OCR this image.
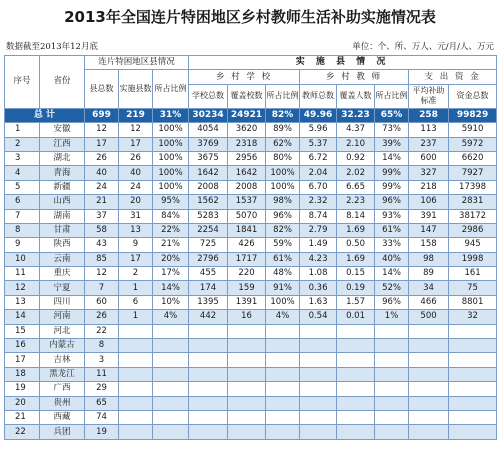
2013年全国连片特困地区乡村教师生活补助实施情况表
数据截至2013年12月底	单位：个、所、万人、元/月/人、万元
序号	省份	连片特困地区县情况			实 施 县 情 况							
		县总数	实施县数	所占比例	乡 村 学 校			乡 村 教 师			支 出 资 金	
					学校总数	覆盖校数	所占比例	教师总数	覆盖人数	所占比例	平均补助标准	资金总数
总 计		699	219	31%	30234	24921	82%	49.96	32.23	65%	258	99829
1	安徽	12	12	100%	4054	3620	89%	5.96	4.37	73%	113	5910
2	江西	17	17	100%	3769	2318	62%	5.37	2.10	39%	237	5972
3	湖北	26	26	100%	3675	2956	80%	6.72	0.92	14%	600	6620
4	青海	40	40	100%	1642	1642	100%	2.04	2.02	99%	327	7927
5	新疆	24	24	100%	2008	2008	100%	6.70	6.65	99%	218	17398
6	山西	21	20	95%	1562	1537	98%	2.32	2.23	96%	106	2831
7	湖南	37	31	84%	5283	5070	96%	8.74	8.14	93%	391	38172
8	甘肃	58	13	22%	2254	1841	82%	2.79	1.69	61%	147	2986
9	陕西	43	9	21%	725	426	59%	1.49	0.50	33%	158	945
10	云南	85	17	20%	2796	1717	61%	4.23	1.69	40%	98	1998
11	重庆	12	2	17%	455	220	48%	1.08	0.15	14%	89	161
12	宁夏	7	1	14%	174	159	91%	0.36	0.19	52%	34	75
13	四川	60	6	10%	1395	1391	100%	1.63	1.57	96%	466	8801
14	河南	26	1	4%	442	16	4%	0.54	0.01	1%	500	32
15	河北	22										
16	内蒙古	8										
17	吉林	3										
18	黑龙江	11										
19	广西	29										
20	贵州	65										
21	西藏	74										
22	兵团	19										
